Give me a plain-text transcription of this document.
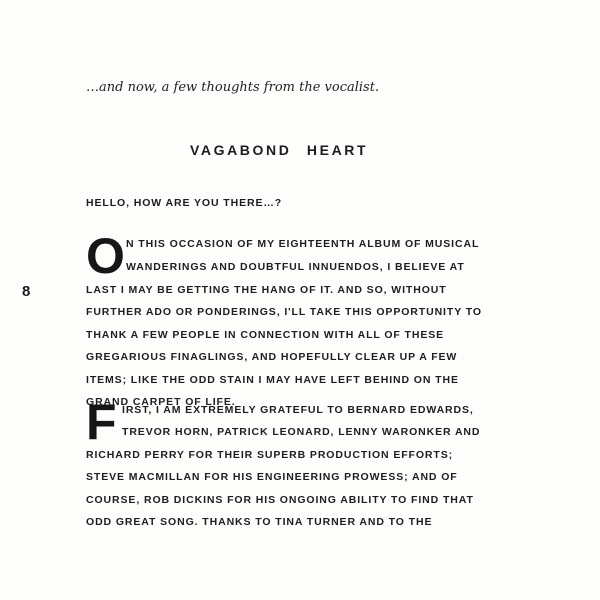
…and now, a few thoughts from the vocalist.
VAGABOND HEART
HELLO, HOW ARE YOU THERE…?
8
O N THIS OCCASION OF MY EIGHTEENTH ALBUM OF MUSICAL
WANDERINGS AND DOUBTFUL INNUENDOS, I BELIEVE AT
LAST I MAY BE GETTING THE HANG OF IT. AND SO, WITHOUT
FURTHER ADO OR PONDERINGS, I'LL TAKE THIS OPPORTUNITY TO
THANK A FEW PEOPLE IN CONNECTION WITH ALL OF THESE
GREGARIOUS FINAGLINGS, AND HOPEFULLY CLEAR UP A FEW
ITEMS; LIKE THE ODD STAIN I MAY HAVE LEFT BEHIND ON THE
GRAND CARPET OF LIFE.
F IRST, I AM EXTREMELY GRATEFUL TO BERNARD EDWARDS,
TREVOR HORN, PATRICK LEONARD, LENNY WARONKER AND
RICHARD PERRY FOR THEIR SUPERB PRODUCTION EFFORTS;
STEVE MACMILLAN FOR HIS ENGINEERING PROWESS; AND OF
COURSE, ROB DICKINS FOR HIS ONGOING ABILITY TO FIND THAT
ODD GREAT SONG. THANKS TO TINA TURNER AND TO THE
